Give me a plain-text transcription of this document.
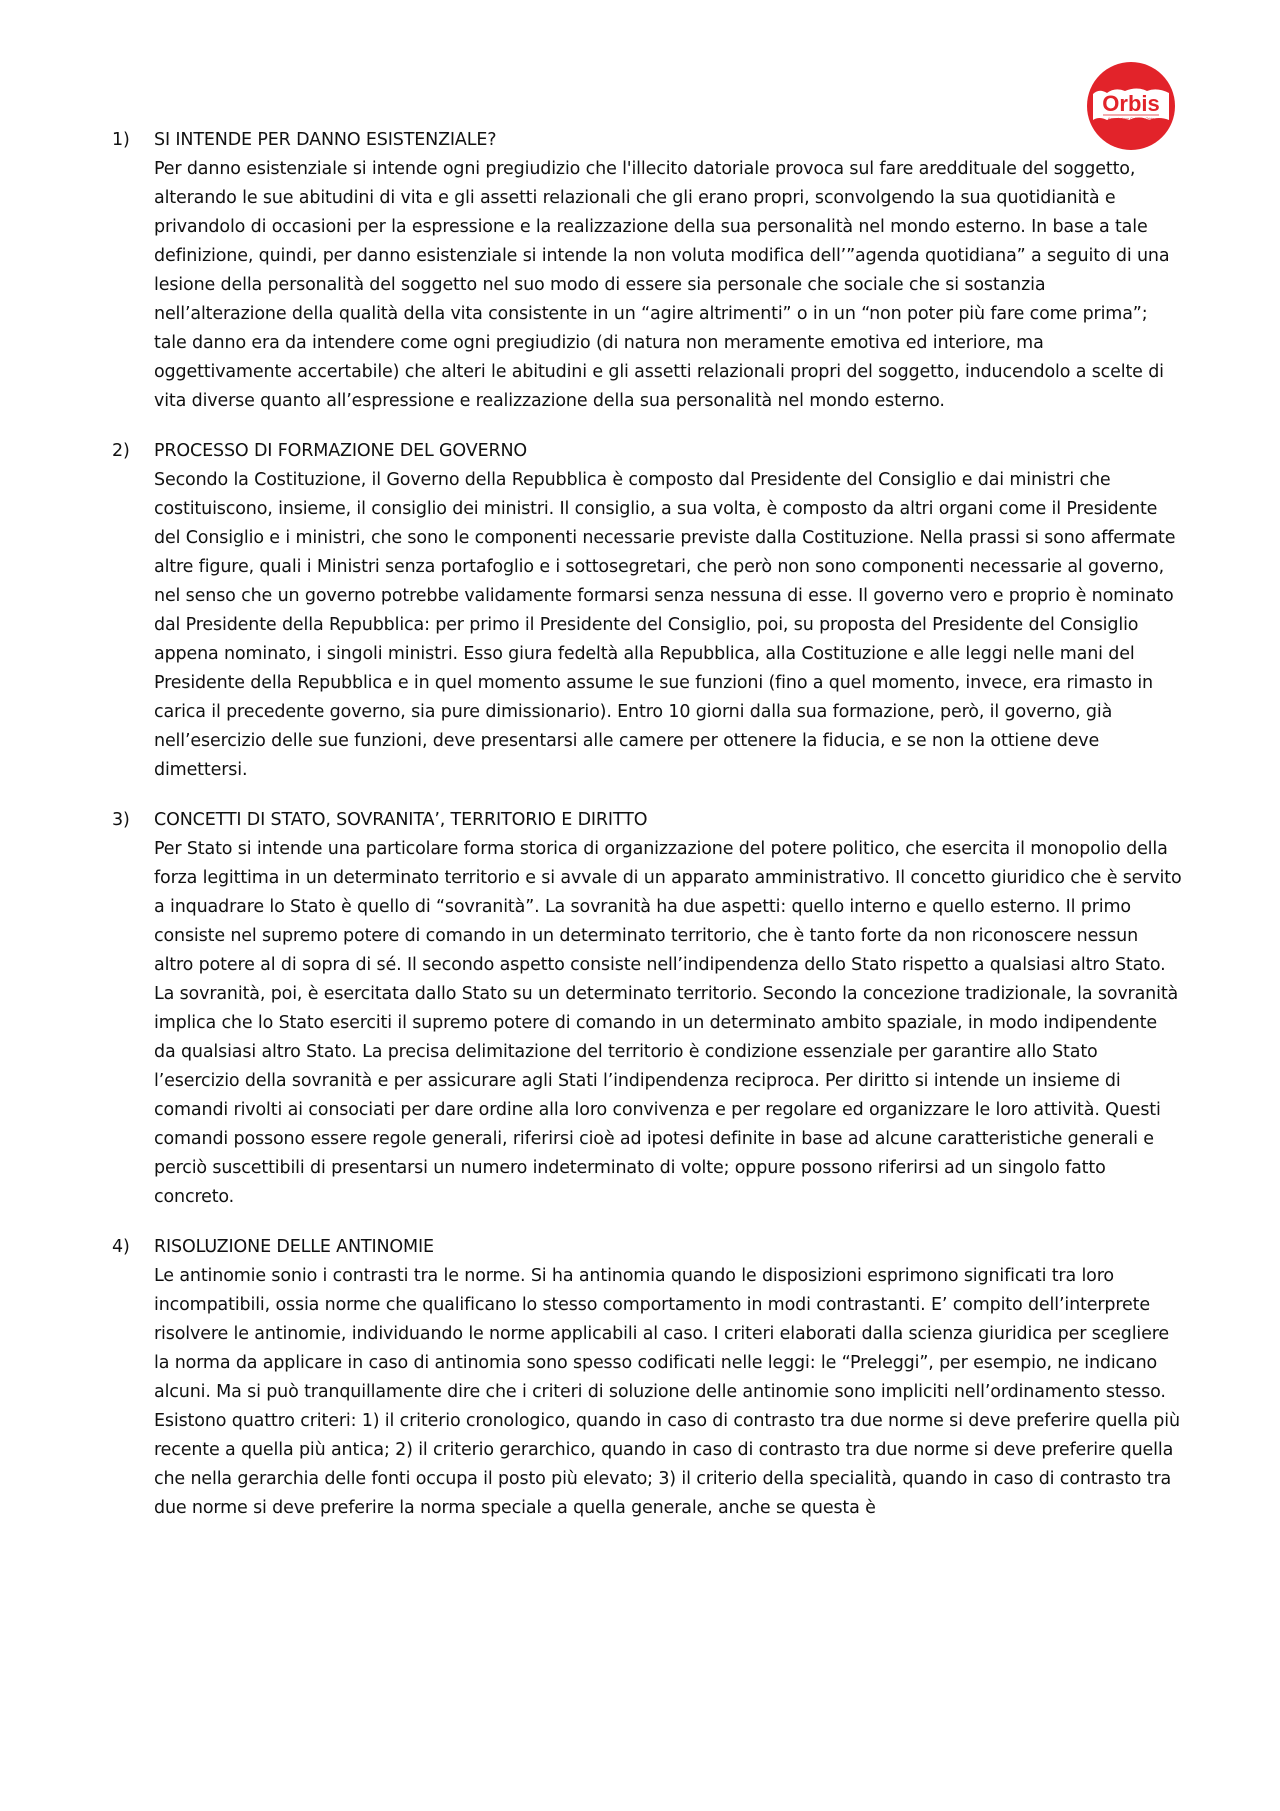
Orbis
Associazione Culturale Orbis
1)	SI INTENDE PER DANNO ESISTENZIALE?
Per danno esistenziale si intende ogni pregiudizio che l'illecito datoriale provoca sul fare areddituale del soggetto, alterando le sue abitudini di vita e gli assetti relazionali che gli erano propri, sconvolgendo la sua quotidianità e privandolo di occasioni per la espressione e la realizzazione della sua personalità nel mondo esterno. In base a tale definizione, quindi, per danno esistenziale si intende la non voluta modifica dell’”agenda quotidiana” a seguito di una lesione della personalità del soggetto nel suo modo di essere sia personale che sociale che si sostanzia nell’alterazione della qualità della vita consistente in un “agire altrimenti” o in un “non poter più fare come prima”; tale danno era da intendere come ogni pregiudizio (di natura non meramente emotiva ed interiore, ma oggettivamente accertabile) che alteri le abitudini e gli assetti relazionali propri del soggetto, inducendolo a scelte di vita diverse quanto all’espressione e realizzazione della sua personalità nel mondo esterno.
2)	PROCESSO DI FORMAZIONE DEL GOVERNO
Secondo la Costituzione, il Governo della Repubblica è composto dal Presidente del Consiglio e dai ministri che costituiscono, insieme, il consiglio dei ministri. Il consiglio, a sua volta, è composto da altri organi come il Presidente del Consiglio e i ministri, che sono le componenti necessarie previste dalla Costituzione. Nella prassi si sono affermate altre figure, quali i Ministri senza portafoglio e i sottosegretari, che però non sono componenti necessarie al governo, nel senso che un governo potrebbe validamente formarsi senza nessuna di esse. Il governo vero e proprio è nominato dal Presidente della Repubblica: per primo il Presidente del Consiglio, poi, su proposta del Presidente del Consiglio appena nominato, i singoli ministri. Esso giura fedeltà alla Repubblica, alla Costituzione e alle leggi nelle mani del Presidente della Repubblica e in quel momento assume le sue funzioni (fino a quel momento, invece, era rimasto in carica il precedente governo, sia pure dimissionario). Entro 10 giorni dalla sua formazione, però, il governo, già nell’esercizio delle sue funzioni, deve presentarsi alle camere per ottenere la fiducia, e se non la ottiene deve dimettersi.
3)	CONCETTI DI STATO, SOVRANITA’, TERRITORIO E DIRITTO
Per Stato si intende una particolare forma storica di organizzazione del potere politico, che esercita il monopolio della forza legittima in un determinato territorio e si avvale di un apparato amministrativo. Il concetto giuridico che è servito a inquadrare lo Stato è quello di “sovranità”. La sovranità ha due aspetti: quello interno e quello esterno. Il primo consiste nel supremo potere di comando in un determinato territorio, che è tanto forte da non riconoscere nessun altro potere al di sopra di sé. Il secondo aspetto consiste nell’indipendenza dello Stato rispetto a qualsiasi altro Stato. La sovranità, poi, è esercitata dallo Stato su un determinato territorio. Secondo la concezione tradizionale, la sovranità implica che lo Stato eserciti il supremo potere di comando in un determinato ambito spaziale, in modo indipendente da qualsiasi altro Stato. La precisa delimitazione del territorio è condizione essenziale per garantire allo Stato l’esercizio della sovranità e per assicurare agli Stati l’indipendenza reciproca. Per diritto si intende un insieme di comandi rivolti ai consociati per dare ordine alla loro convivenza e per regolare ed organizzare le loro attività. Questi comandi possono essere regole generali, riferirsi cioè ad ipotesi definite in base ad alcune caratteristiche generali e perciò suscettibili di presentarsi un numero indeterminato di volte; oppure possono riferirsi ad un singolo fatto concreto.
4)	RISOLUZIONE DELLE ANTINOMIE
Le antinomie sonio i contrasti tra le norme. Si ha antinomia quando le disposizioni esprimono significati tra loro incompatibili, ossia norme che qualificano lo stesso comportamento in modi contrastanti. E’ compito dell’interprete risolvere le antinomie, individuando le norme applicabili al caso. I criteri elaborati dalla scienza giuridica per scegliere la norma da applicare in caso di antinomia sono spesso codificati nelle leggi: le “Preleggi”, per esempio, ne indicano alcuni. Ma si può tranquillamente dire che i criteri di soluzione delle antinomie sono impliciti nell’ordinamento stesso. Esistono quattro criteri: 1) il criterio cronologico, quando in caso di contrasto tra due norme si deve preferire quella più recente a quella più antica; 2) il criterio gerarchico, quando in caso di contrasto tra due norme si deve preferire quella che nella gerarchia delle fonti occupa il posto più elevato; 3) il criterio della specialità, quando in caso di contrasto tra due norme si deve preferire la norma speciale a quella generale, anche se questa è
